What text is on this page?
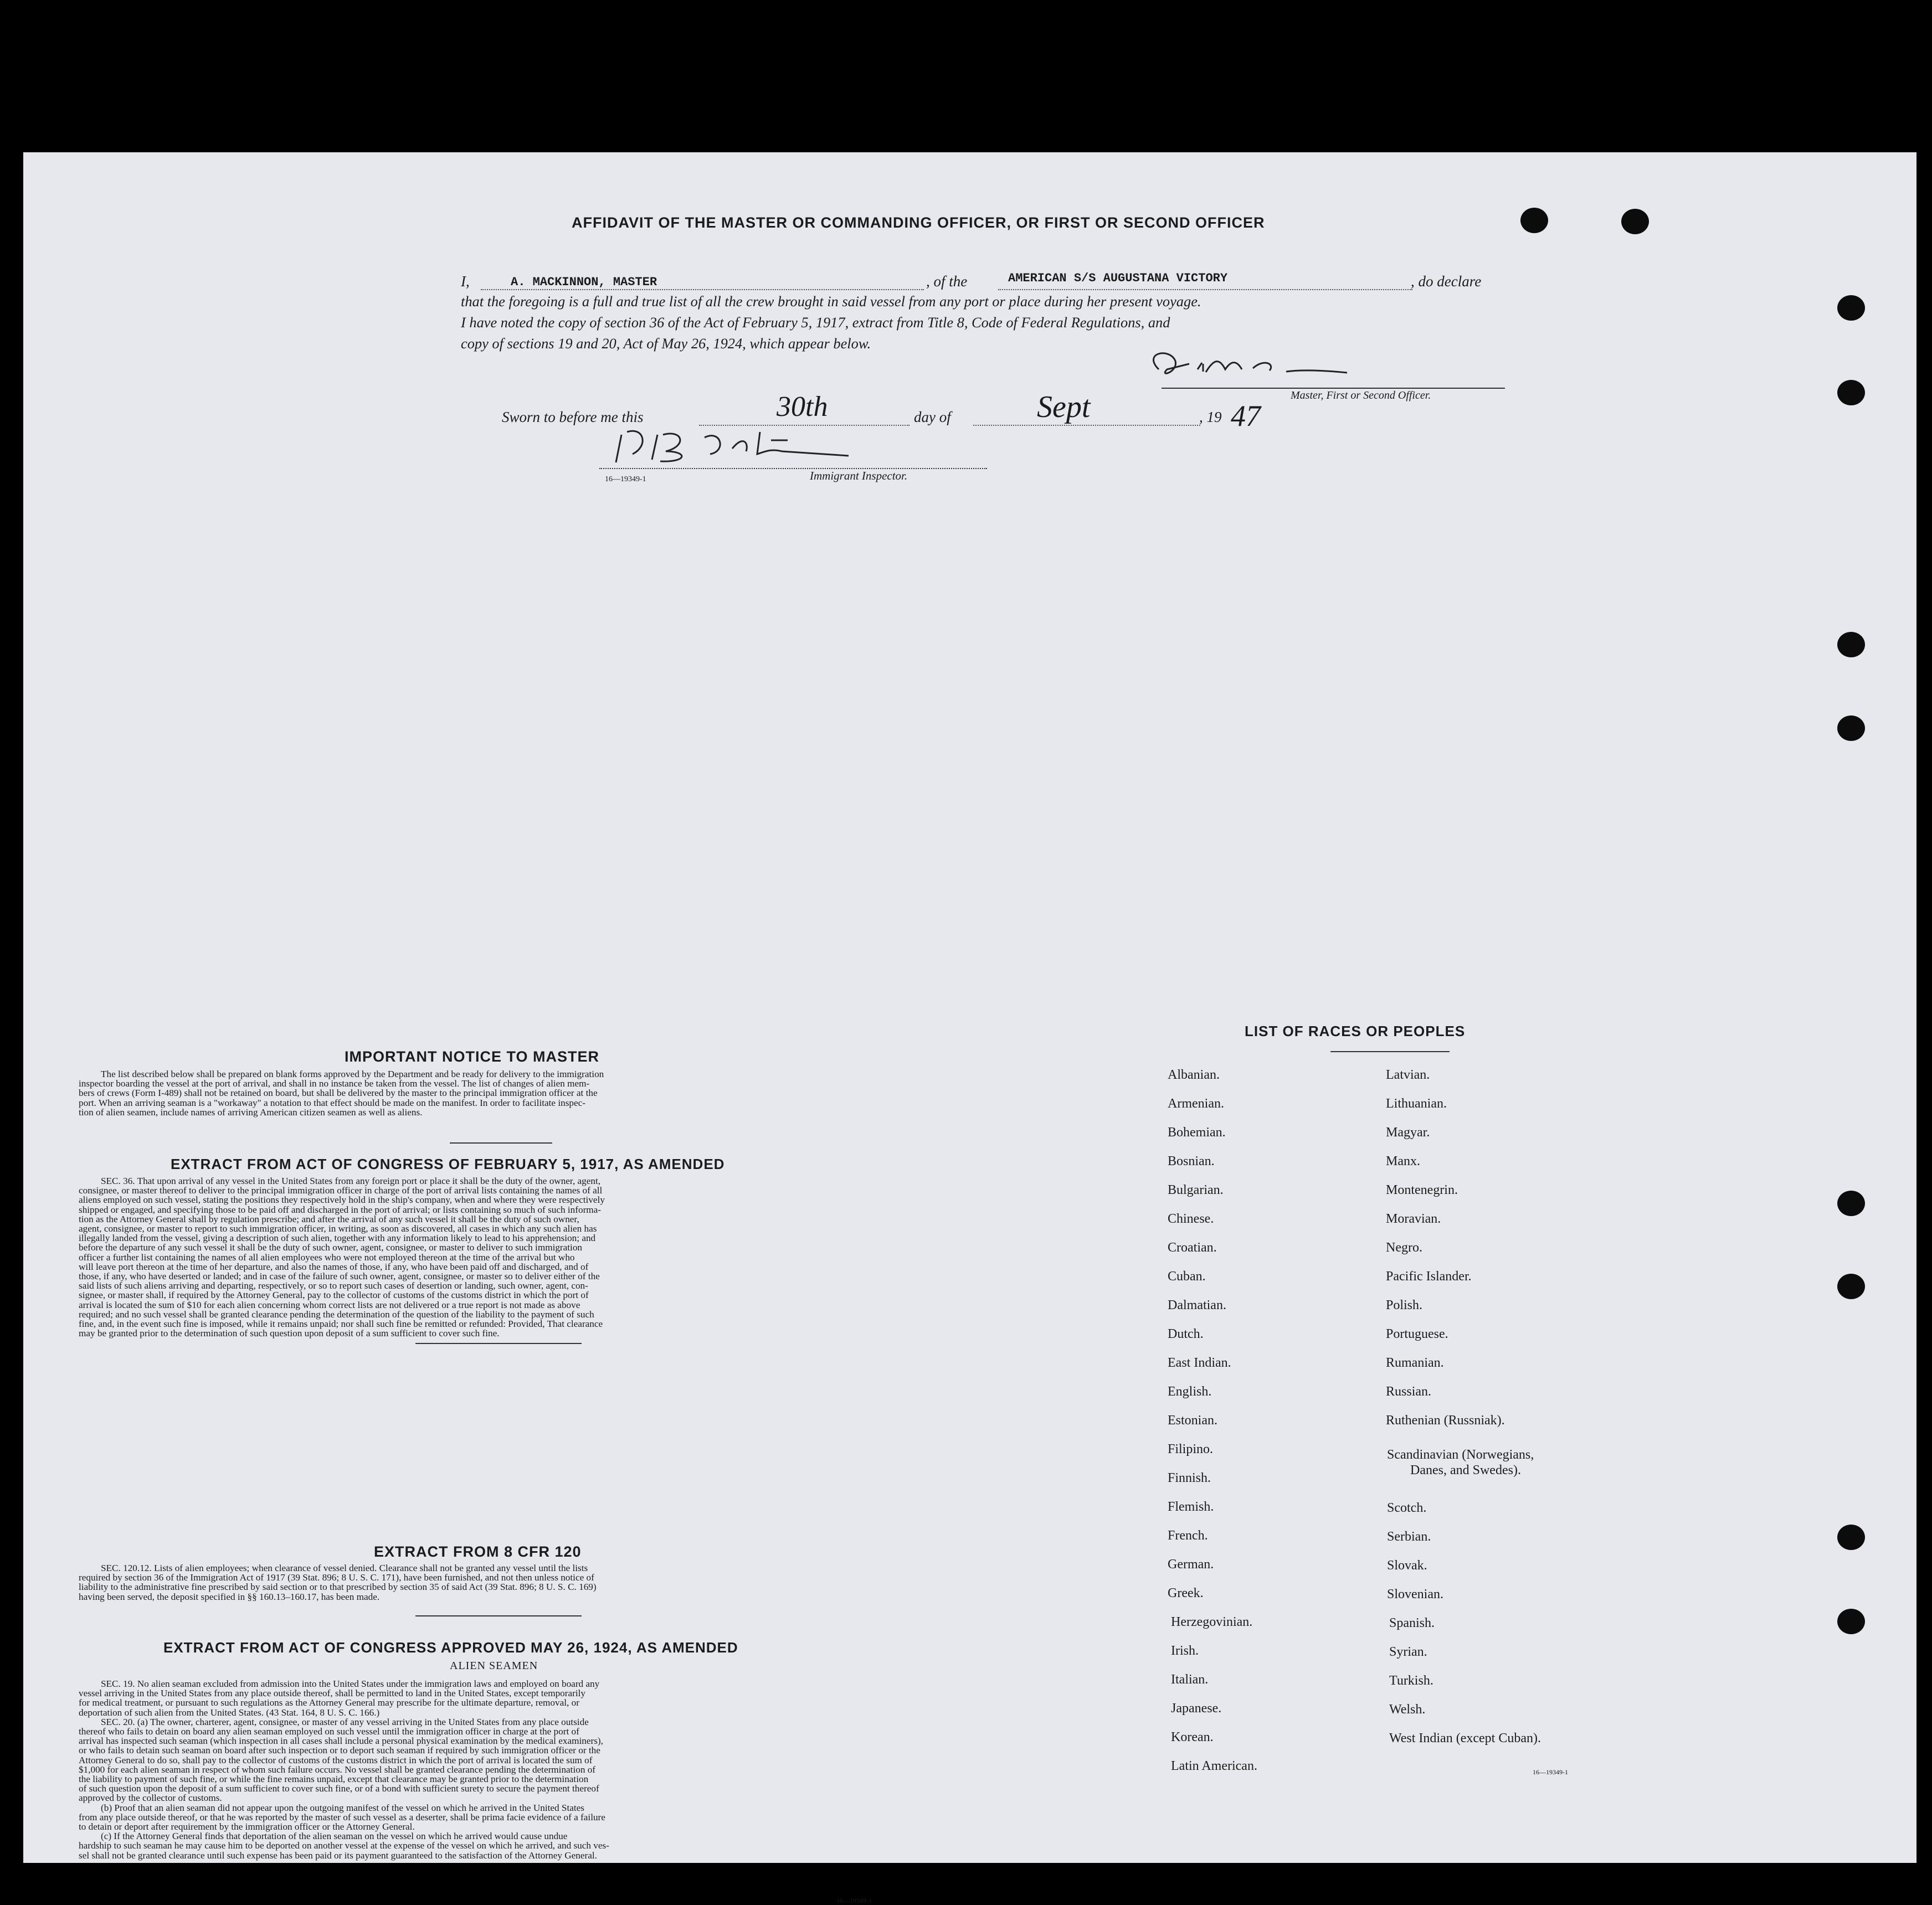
AFFIDAVIT OF THE MASTER OR COMMANDING OFFICER, OR FIRST OR SECOND OFFICER
I,	A. MACKINNON, MASTER	, of the	AMERICAN S/S AUGUSTANA VICTORY	, do declare
that the foregoing is a full and true list of all the crew brought in said vessel from any port or place during her present voyage.
I have noted the copy of section 36 of the Act of February 5, 1917, extract from Title 8, Code of Federal Regulations, and
copy of sections 19 and 20, Act of May 26, 1924, which appear below.
Master, First or Second Officer.
Sworn to before me this	30th	day of	Sept	, 19 47
16—19349-1	Immigrant Inspector.
IMPORTANT NOTICE TO MASTER

The list described below shall be prepared on blank forms approved by the Department and be ready for delivery to the immigration

inspector boarding the vessel at the port of arrival, and shall in no instance be taken from the vessel. The list of changes of alien mem-

bers of crews (Form I-489) shall not be retained on board, but shall be delivered by the master to the principal immigration officer at the

port. When an arriving seaman is a "workaway" a notation to that effect should be made on the manifest. In order to facilitate inspec-

tion of alien seamen, include names of arriving American citizen seamen as well as aliens.

EXTRACT FROM ACT OF CONGRESS OF FEBRUARY 5, 1917, AS AMENDED

SEC. 36. That upon arrival of any vessel in the United States from any foreign port or place it shall be the duty of the owner, agent,

consignee, or master thereof to deliver to the principal immigration officer in charge of the port of arrival lists containing the names of all

aliens employed on such vessel, stating the positions they respectively hold in the ship's company, when and where they were respectively

shipped or engaged, and specifying those to be paid off and discharged in the port of arrival; or lists containing so much of such informa-

tion as the Attorney General shall by regulation prescribe; and after the arrival of any such vessel it shall be the duty of such owner,

agent, consignee, or master to report to such immigration officer, in writing, as soon as discovered, all cases in which any such alien has

illegally landed from the vessel, giving a description of such alien, together with any information likely to lead to his apprehension; and

before the departure of any such vessel it shall be the duty of such owner, agent, consignee, or master to deliver to such immigration

officer a further list containing the names of all alien employees who were not employed thereon at the time of the arrival but who

will leave port thereon at the time of her departure, and also the names of those, if any, who have been paid off and discharged, and of

those, if any, who have deserted or landed; and in case of the failure of such owner, agent, consignee, or master so to deliver either of the

said lists of such aliens arriving and departing, respectively, or so to report such cases of desertion or landing, such owner, agent, con-

signee, or master shall, if required by the Attorney General, pay to the collector of customs of the customs district in which the port of

arrival is located the sum of $10 for each alien concerning whom correct lists are not delivered or a true report is not made as above

required; and no such vessel shall be granted clearance pending the determination of the question of the liability to the payment of such

fine, and, in the event such fine is imposed, while it remains unpaid; nor shall such fine be remitted or refunded: Provided, That clearance

may be granted prior to the determination of such question upon deposit of a sum sufficient to cover such fine.

EXTRACT FROM 8 CFR 120

SEC. 120.12. Lists of alien employees; when clearance of vessel denied. Clearance shall not be granted any vessel until the lists

required by section 36 of the Immigration Act of 1917 (39 Stat. 896; 8 U. S. C. 171), have been furnished, and not then unless notice of

liability to the administrative fine prescribed by said section or to that prescribed by section 35 of said Act (39 Stat. 896; 8 U. S. C. 169)

having been served, the deposit specified in §§ 160.13–160.17, has been made.

EXTRACT FROM ACT OF CONGRESS APPROVED MAY 26, 1924, AS AMENDED
ALIEN SEAMEN

SEC. 19. No alien seaman excluded from admission into the United States under the immigration laws and employed on board any

vessel arriving in the United States from any place outside thereof, shall be permitted to land in the United States, except temporarily

for medical treatment, or pursuant to such regulations as the Attorney General may prescribe for the ultimate departure, removal, or

deportation of such alien from the United States. (43 Stat. 164, 8 U. S. C. 166.)

SEC. 20. (a) The owner, charterer, agent, consignee, or master of any vessel arriving in the United States from any place outside

thereof who fails to detain on board any alien seaman employed on such vessel until the immigration officer in charge at the port of

arrival has inspected such seaman (which inspection in all cases shall include a personal physical examination by the medical examiners),

or who fails to detain such seaman on board after such inspection or to deport such seaman if required by such immigration officer or the

Attorney General to do so, shall pay to the collector of customs of the customs district in which the port of arrival is located the sum of

$1,000 for each alien seaman in respect of whom such failure occurs. No vessel shall be granted clearance pending the determination of

the liability to payment of such fine, or while the fine remains unpaid, except that clearance may be granted prior to the determination

of such question upon the deposit of a sum sufficient to cover such fine, or of a bond with sufficient surety to secure the payment thereof

approved by the collector of customs.

(b) Proof that an alien seaman did not appear upon the outgoing manifest of the vessel on which he arrived in the United States

from any place outside thereof, or that he was reported by the master of such vessel as a deserter, shall be prima facie evidence of a failure

to detain or deport after requirement by the immigration officer or the Attorney General.

(c) If the Attorney General finds that deportation of the alien seaman on the vessel on which he arrived would cause undue

hardship to such seaman he may cause him to be deported on another vessel at the expense of the vessel on which he arrived, and such ves-

sel shall not be granted clearance until such expense has been paid or its payment guaranteed to the satisfaction of the Attorney General.

16—19349-1
LIST OF RACES OR PEOPLES
Albanian.
Armenian.
Bohemian.
Bosnian.
Bulgarian.
Chinese.
Croatian.
Cuban.
Dalmatian.
Dutch.
East Indian.
English.
Estonian.
Filipino.
Finnish.
Flemish.
French.
German.
Greek.
Herzegovinian.
Irish.
Italian.
Japanese.
Korean.
Latin American.
Latvian.
Lithuanian.
Magyar.
Manx.
Montenegrin.
Moravian.
Negro.
Pacific Islander.
Polish.
Portuguese.
Rumanian.
Russian.
Ruthenian (Russniak).
Scandinavian (Norwegians,
Danes, and Swedes).
Scotch.
Serbian.
Slovak.
Slovenian.
Spanish.
Syrian.
Turkish.
Welsh.
West Indian (except Cuban).
16—19349-1
